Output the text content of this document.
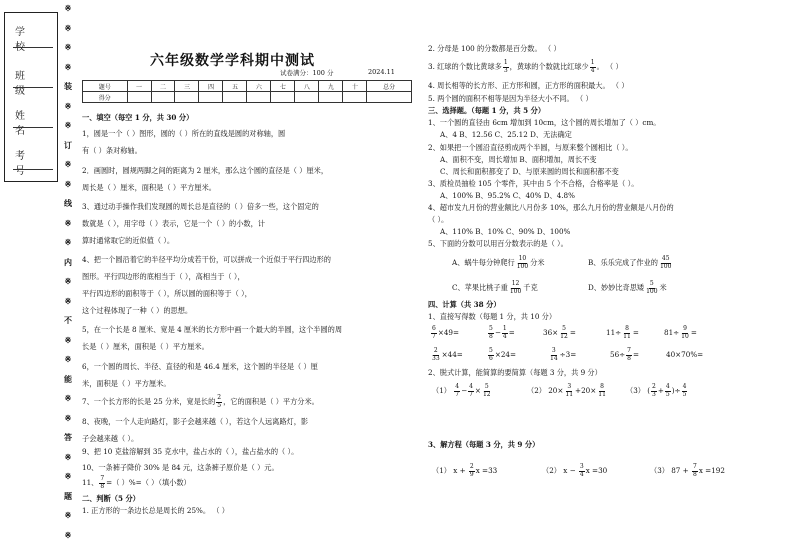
学 校
班 级
姓 名
考 号
※
※
※
※
装
※
※
订
※
※
线
※
※
内
※
※
不
※
※
能
※
※
答
※
※
题
※
※
六年级数学学科期中测试
试卷满分：100 分	2024.11
题号	一	二	三	四	五	六	七	八	九	十	总分
得分											
一、填空（每空 1 分，共 30 分）
1，圆是一个（ ）图形，圆的（ ）所在的直线是圆的对称轴，圆
有（ ）条对称轴。
2．画圆时，圆规两脚之间的距离为 2 厘米，那么这个圆的直径是（ ）厘米，
周长是（ ）厘米，面积是（ ）平方厘米。
3、通过动手操作我们发现圆的周长总是直径的（ ）倍多一些，这个固定的
数就是（ ），用字母（ ）表示，它是一个（ ）的小数，计
算时通常取它的近似值（ ）。
4、把一个圆沿着它的半径平均分成若干份，可以拼成一个近似于平行四边形的
图形。平行四边形的底相当于（ ），高相当于（ ），
平行四边形的面积等于（ ），所以圆的面积等于（ ），
这个过程体现了一种（ ）的思想。
5，在一个长是 8 厘米、宽是 4 厘米的长方形中画一个最大的半圆，这个半圆的周
长是（ ）厘米，面积是（ ）平方厘米。
6，一个圆的周长、半径、直径的和是 46.4 厘米，这个圆的半径是（ ）厘
米，面积是（ ）平方厘米。
7、一个长方形的长是 25 分米，宽是长的 $\frac{2}{5}$ ，它的面积是（ ）平方分米。
8、夜晚，一个人走向路灯，影子会越来越（ ），若这个人远离路灯，影
子会越来越（ ）。
9、把 10 克盐溶解到 35 克水中，盐占水的（ ），盐占盐水的（ ）。
10、一条裤子降价 30% 是 84 元，这条裤子原价是（ ）元。
11、 $\frac{7}{8}$ =（ ）%=（ ）（填小数）
二、判断（5 分）
1. 正方形的一条边长总是周长的 25%。 （ ）
2. 分母是 100 的分数都是百分数。 （ ）
3. 红球的个数比黄球多 $\frac{1}{3}$ ，黄球的个数就比红球少 $\frac{1}{4}$ 。 （ ）
4. 周长相等的长方形、正方形和圆，正方形的面积最大。 （ ）
5. 两个圆的面积不相等是因为半径大小不同。 （ ）
三、选择题。（每题 1 分，共 5 分）
1、一个圆的直径由 6cm 增加到 10cm，这个圆的周长增加了（ ）cm。
A、4 B、12.56 C、25.12 D、无法确定
2、如果把一个圆沿直径剪成两个半圆，与原来整个圆相比（ ）。
A、面积不变，周长增加 B、面积增加，周长不变
C、周长和面积都变了 D、与原来圆的周长和面积都不变
3、质检员抽检 105 个零件，其中由 5 个不合格，合格率是（ ）。
A、100% B、95.2% C、40% D、4.8%
4、超市发九月份的营业额比八月份多 10%，那么九月份的营业额是八月份的
（ ）。
A、110% B、10% C、90% D、100%
5、下面的分数可以用百分数表示的是（ ）。
A、蜗牛每分钟爬行 $\frac{10}{100}$ 分米	B、乐乐完成了作业的 $\frac{45}{100}$
C、苹果比桃子重 $\frac{12}{100}$ 千克	D、妙妙比奇思矮 $\frac{5}{100}$ 米
四、计算（共 38 分）
1、直接写得数（每题 1 分，共 10 分）
$\frac{6}{7} \times 49=$	$\frac{5}{8} - \frac{1}{4}$ =	$36\times \frac{5}{12}$ =	$11\div \frac{8}{11}$ =	$81\div \frac{9}{10}$ =
$\frac{2}{33} \times 44=$	$\frac{5}{6} \times 24=$	$\frac{3}{14} \div 3=$	$56\div \frac{7}{8}$ =	40×70%=
2、脱式计算，能简算的要简算（每题 3 分，共 9 分）
$(1) \frac{4}{7} - \frac{4}{7} \times \frac{5}{12}$	（2） $20\times \frac{3}{11} +20\times \frac{8}{11}$	（3） ( $\frac{2}{3} + \frac{4}{5}$ )÷ $\frac{4}{5}$
3、解方程（每题 3 分，共 9 分）
（1） $x + \frac{2}{9}$ x =33	（2） $x - \frac{3}{4}$ x =30	（3） $87 + \frac{7}{8}$ x =192
